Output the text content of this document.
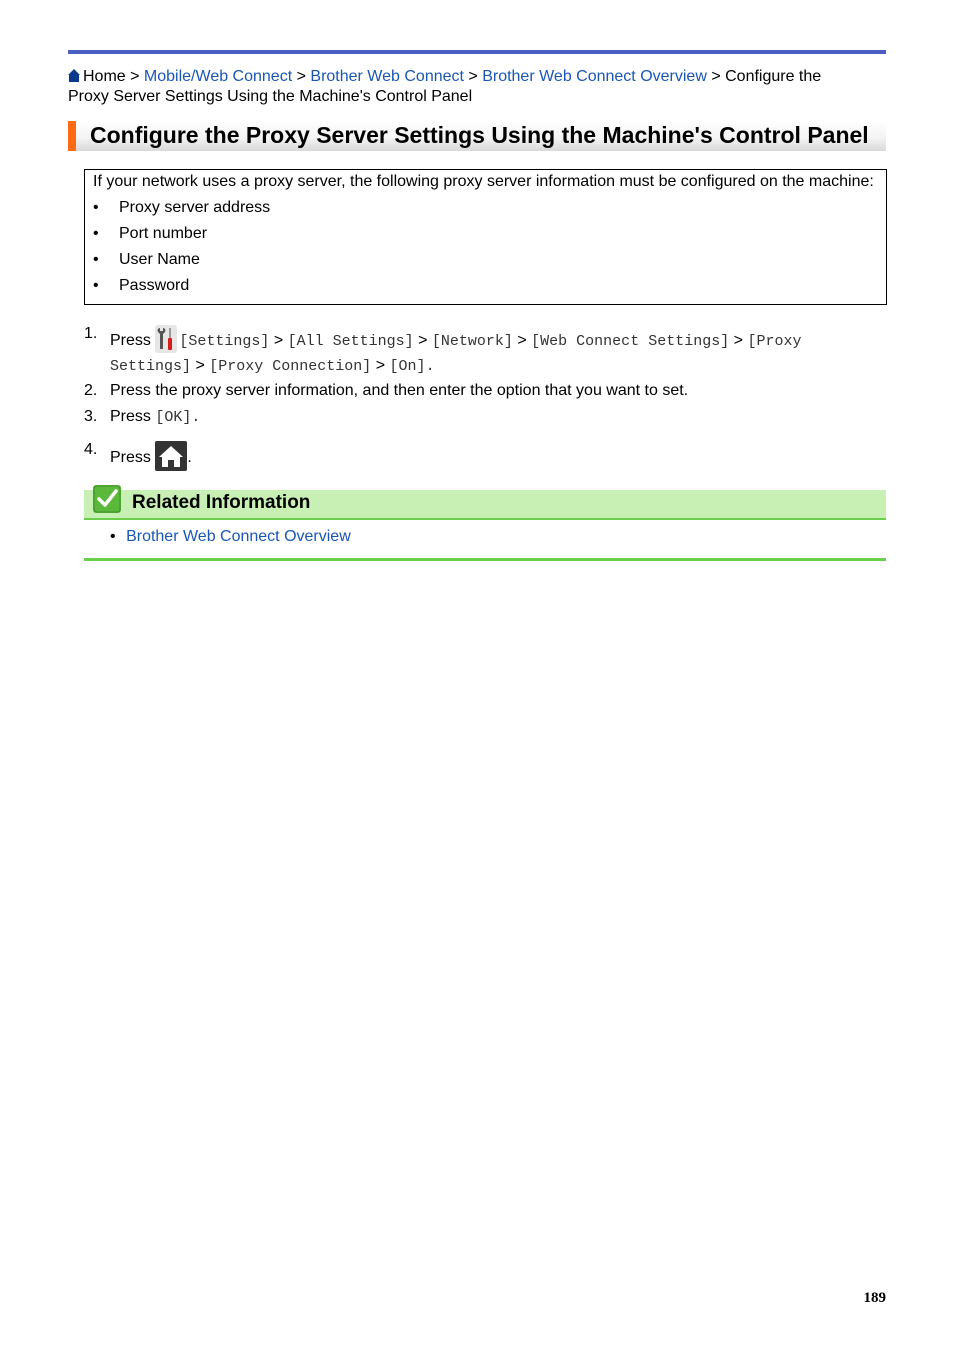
Home > Mobile/Web Connect > Brother Web Connect > Brother Web Connect Overview > Configure the
Proxy Server Settings Using the Machine's Control Panel
Configure the Proxy Server Settings Using the Machine's Control Panel
If your network uses a proxy server, the following proxy server information must be configured on the machine:
• Proxy server address
• Port number
• User Name
• Password
1. Press [Settings] > [All Settings] > [Network] > [Web Connect Settings] > [Proxy
Settings] > [Proxy Connection] > [On].
2. Press the proxy server information, and then enter the option that you want to set.
3. Press [OK].
4. Press .
Related Information
• Brother Web Connect Overview
189
